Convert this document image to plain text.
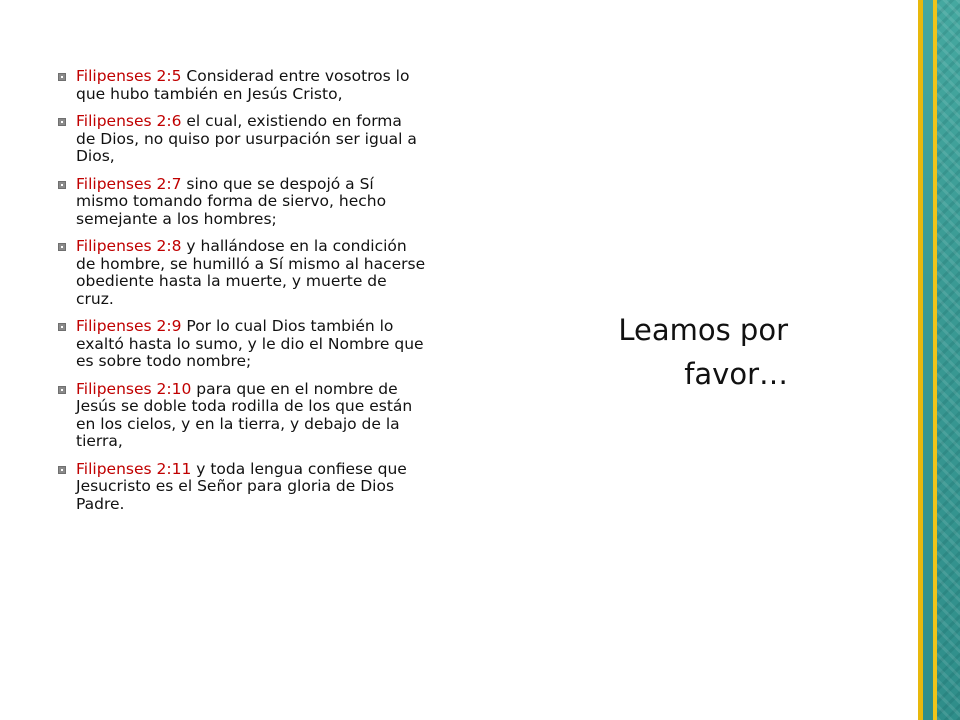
Filipenses 2:5 Considerad entre vosotros lo que hubo también en Jesús Cristo,
Filipenses 2:6 el cual, existiendo en forma de Dios, no quiso por usurpación ser igual a Dios,
Filipenses 2:7 sino que se despojó a Sí mismo tomando forma de siervo, hecho semejante a los hombres;
Filipenses 2:8 y hallándose en la condición de hombre, se humilló a Sí mismo al hacerse obediente hasta la muerte, y muerte de cruz.
Filipenses 2:9 Por lo cual Dios también lo exaltó hasta lo sumo, y le dio el Nombre que es sobre todo nombre;
Filipenses 2:10 para que en el nombre de Jesús se doble toda rodilla de los que están en los cielos, y en la tierra, y debajo de la tierra,
Filipenses 2:11 y toda lengua confiese que Jesucristo es el Señor para gloria de Dios Padre.
Leamos por favor…
